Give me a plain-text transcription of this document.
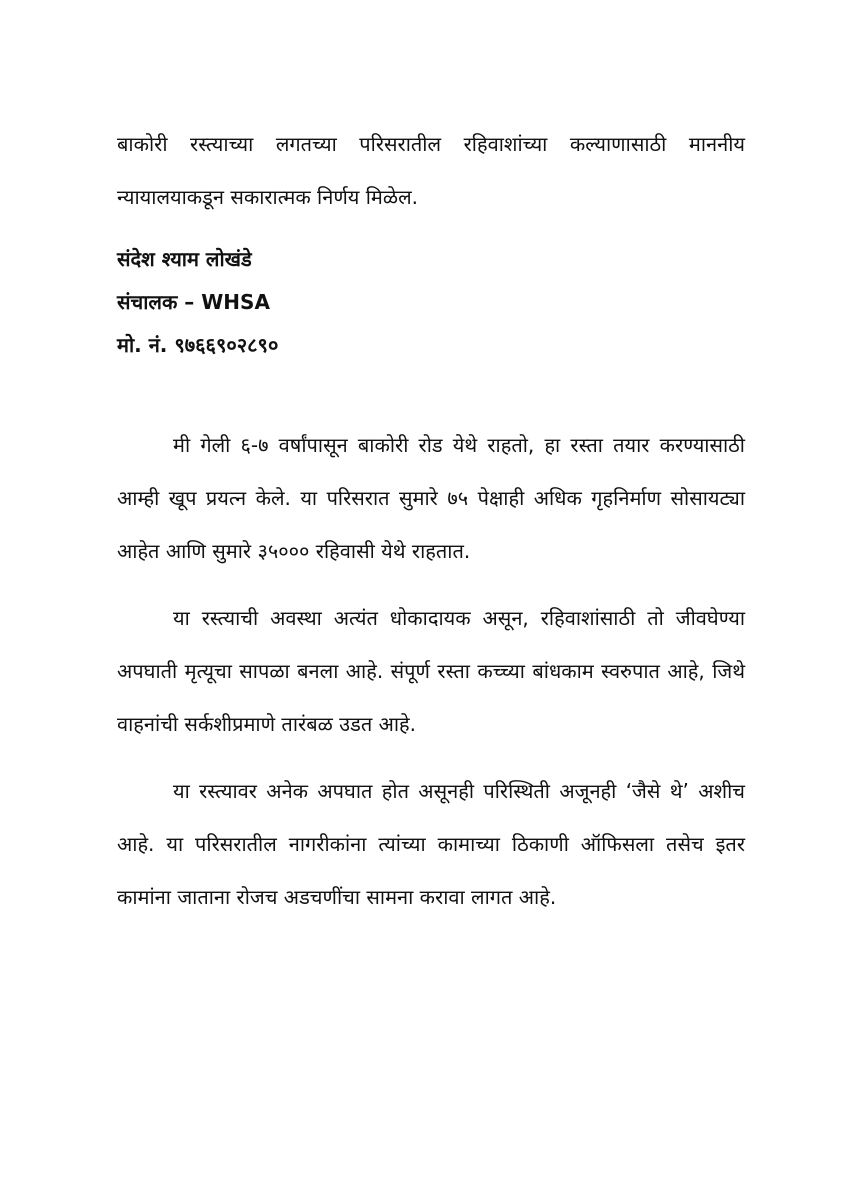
बाकोरी रस्त्याच्या लगतच्या परिसरातील रहिवाशांच्या कल्याणासाठी माननीय न्यायालयाकडून सकारात्मक निर्णय मिळेल.

संदेश श्याम लोखंडे

संचालक – WHSA

मो. नं. ९७६६९०२८९०

मी गेली ६-७ वर्षांपासून बाकोरी रोड येथे राहतो, हा रस्ता तयार करण्यासाठी आम्ही खूप प्रयत्न केले. या परिसरात सुमारे ७५ पेक्षाही अधिक गृहनिर्माण सोसायट्या आहेत आणि सुमारे ३५००० रहिवासी येथे राहतात.

या रस्त्याची अवस्था अत्यंत धोकादायक असून, रहिवाशांसाठी तो जीवघेण्या अपघाती मृत्यूचा सापळा बनला आहे. संपूर्ण रस्ता कच्च्या बांधकाम स्वरुपात आहे, जिथे वाहनांची सर्कशीप्रमाणे तारंबळ उडत आहे.

या रस्त्यावर अनेक अपघात होत असूनही परिस्थिती अजूनही ‘जैसे थे’ अशीच आहे. या परिसरातील नागरीकांना त्यांच्या कामाच्या ठिकाणी ऑफिसला तसेच इतर कामांना जाताना रोजच अडचणींचा सामना करावा लागत आहे.
